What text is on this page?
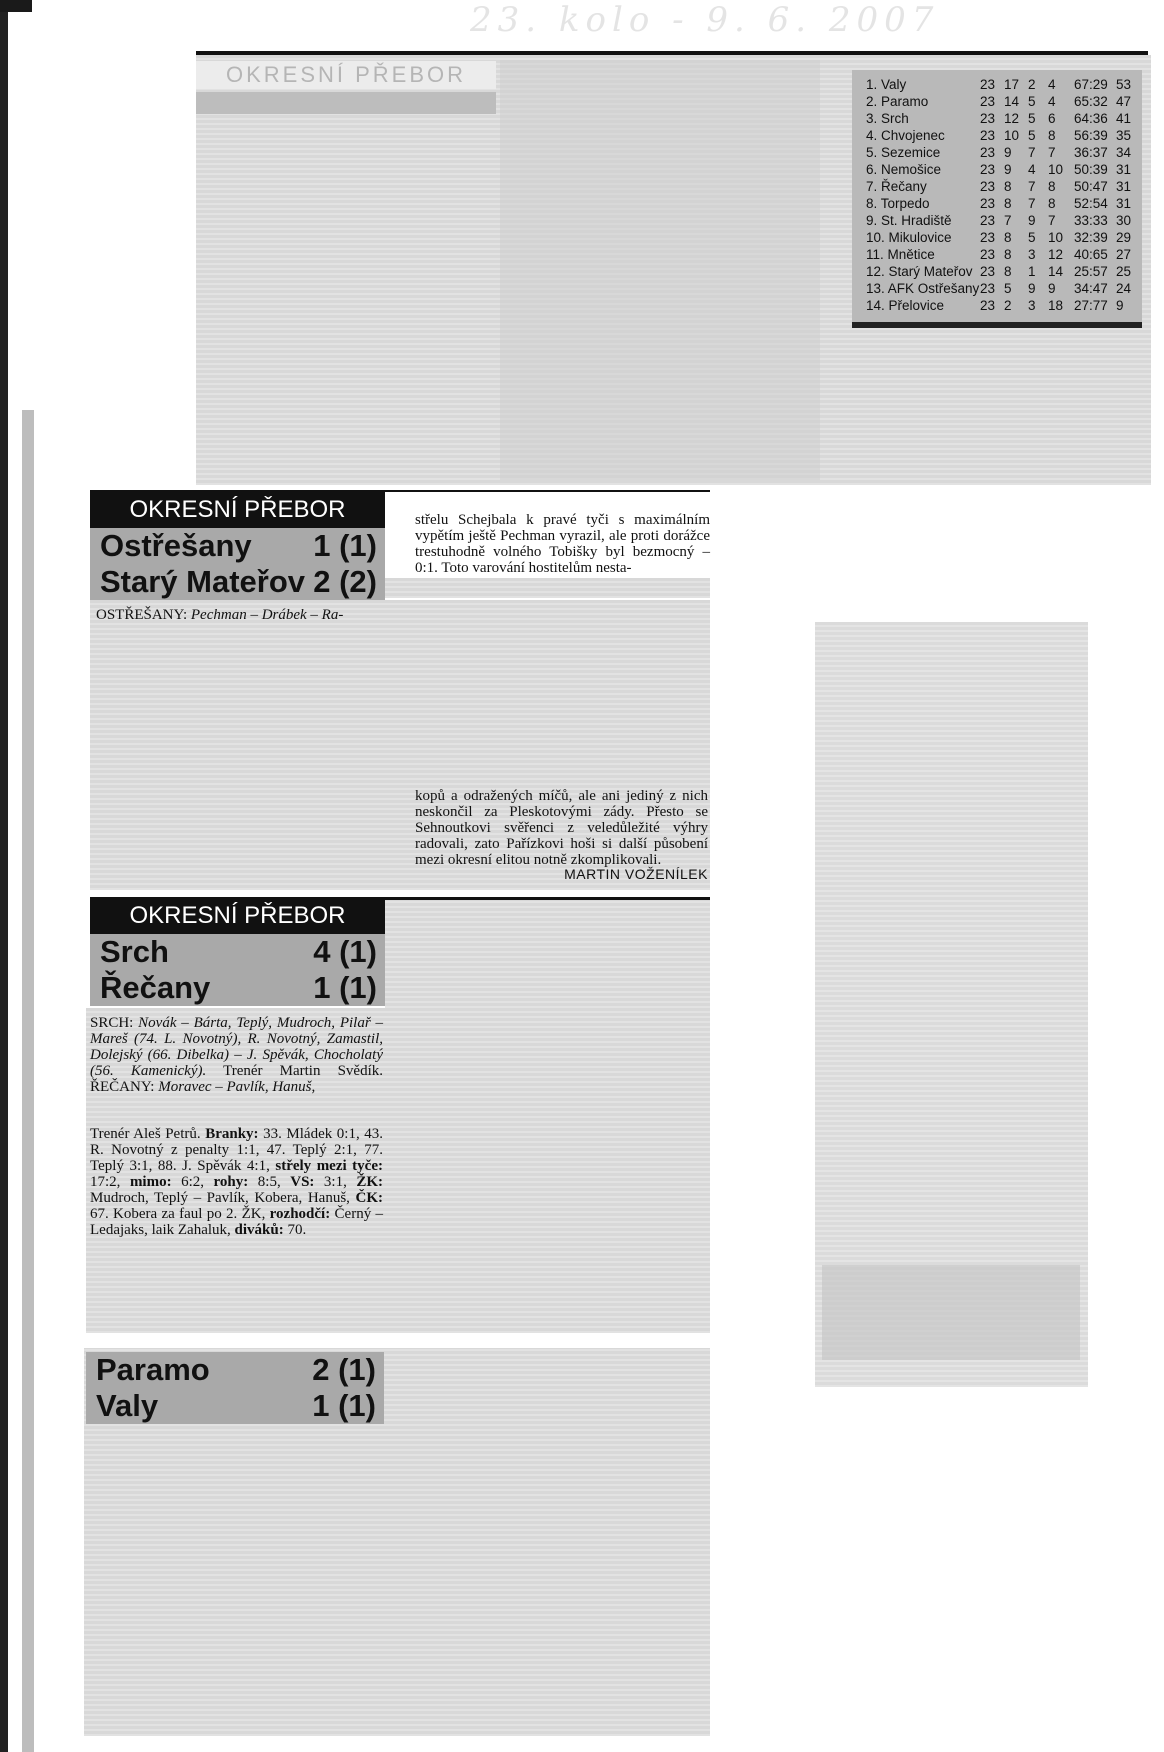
23. kolo - 9. 6. 2007
OKRESNÍ PŘEBOR	1. Valy	23 17 2 4 67:29 53
2. Paramo	23 14 5 4 65:32 47
3. Srch	23 12 5 6 64:36 41
4. Chvojenec	23 10 5 8 56:39 35
5. Sezemice	23 9 7 7 36:37 34
6. Nemošice	23 9 4 10 50:39 31
7. Řečany	23 8 7 8 50:47 31
8. Torpedo	23 8 7 8 52:54 31
9. St. Hradiště 23 7 9 7 33:33 30
10. Mikulovice 23 8 5 10 32:39 29
11. Mnětice	23 8 3 12 40:65 27
12. Starý Mateřov 23 8 1 14 25:57 25
13. AFK Ostřešany 23 5 9 9 34:47 24
14. Přelovice	23 2 3 18 27:77 9
OKRESNÍ PŘEBOR
Ostřešany 1 (1)
Starý Mateřov 2 (2)
OSTŘEŠANY: Pechman – Drábek – Ra-
střelu Schejbala k pravé tyči s maximálním vypětím ještě Pechman vyrazil, ale proti dorážce trestuhodně volného Tobišky byl bezmocný – 0:1. Toto varování hostitelům nesta-
kopů a odražených míčů, ale ani jediný z nich neskončil za Pleskotovými zády. Přesto se Sehnoutkovi svěřenci z veledůležité výhry radovali, zato Pařízkovi hoši si další působení mezi okresní elitou notně zkomplikovali.
MARTIN VOŽENÍLEK
OKRESNÍ PŘEBOR
Srch	4 (1)
Řečany	1 (1)
SRCH: Novák – Bárta, Teplý, Mudroch, Pilař – Mareš (74. L. Novotný), R. Novotný, Zamastil, Dolejský (66. Dibelka) – J. Spěvák, Chocholatý (56. Kamenický). Trenér Martin Svědík. ŘEČANY: Moravec – Pavlík, Hanuš,
Trenér Aleš Petrů. Branky: 33. Mládek 0:1, 43. R. Novotný z penalty 1:1, 47. Teplý 2:1, 77. Teplý 3:1, 88. J. Spěvák 4:1, střely mezi tyče: 17:2, mimo: 6:2, rohy: 8:5, VS: 3:1, ŽK: Mudroch, Teplý – Pavlík, Kobera, Hanuš, ČK: 67. Kobera za faul po 2. ŽK, rozhodčí: Černý – Ledajaks, laik Zahaluk, diváků: 70.
Paramo	2 (1)
Valy	1 (1)
